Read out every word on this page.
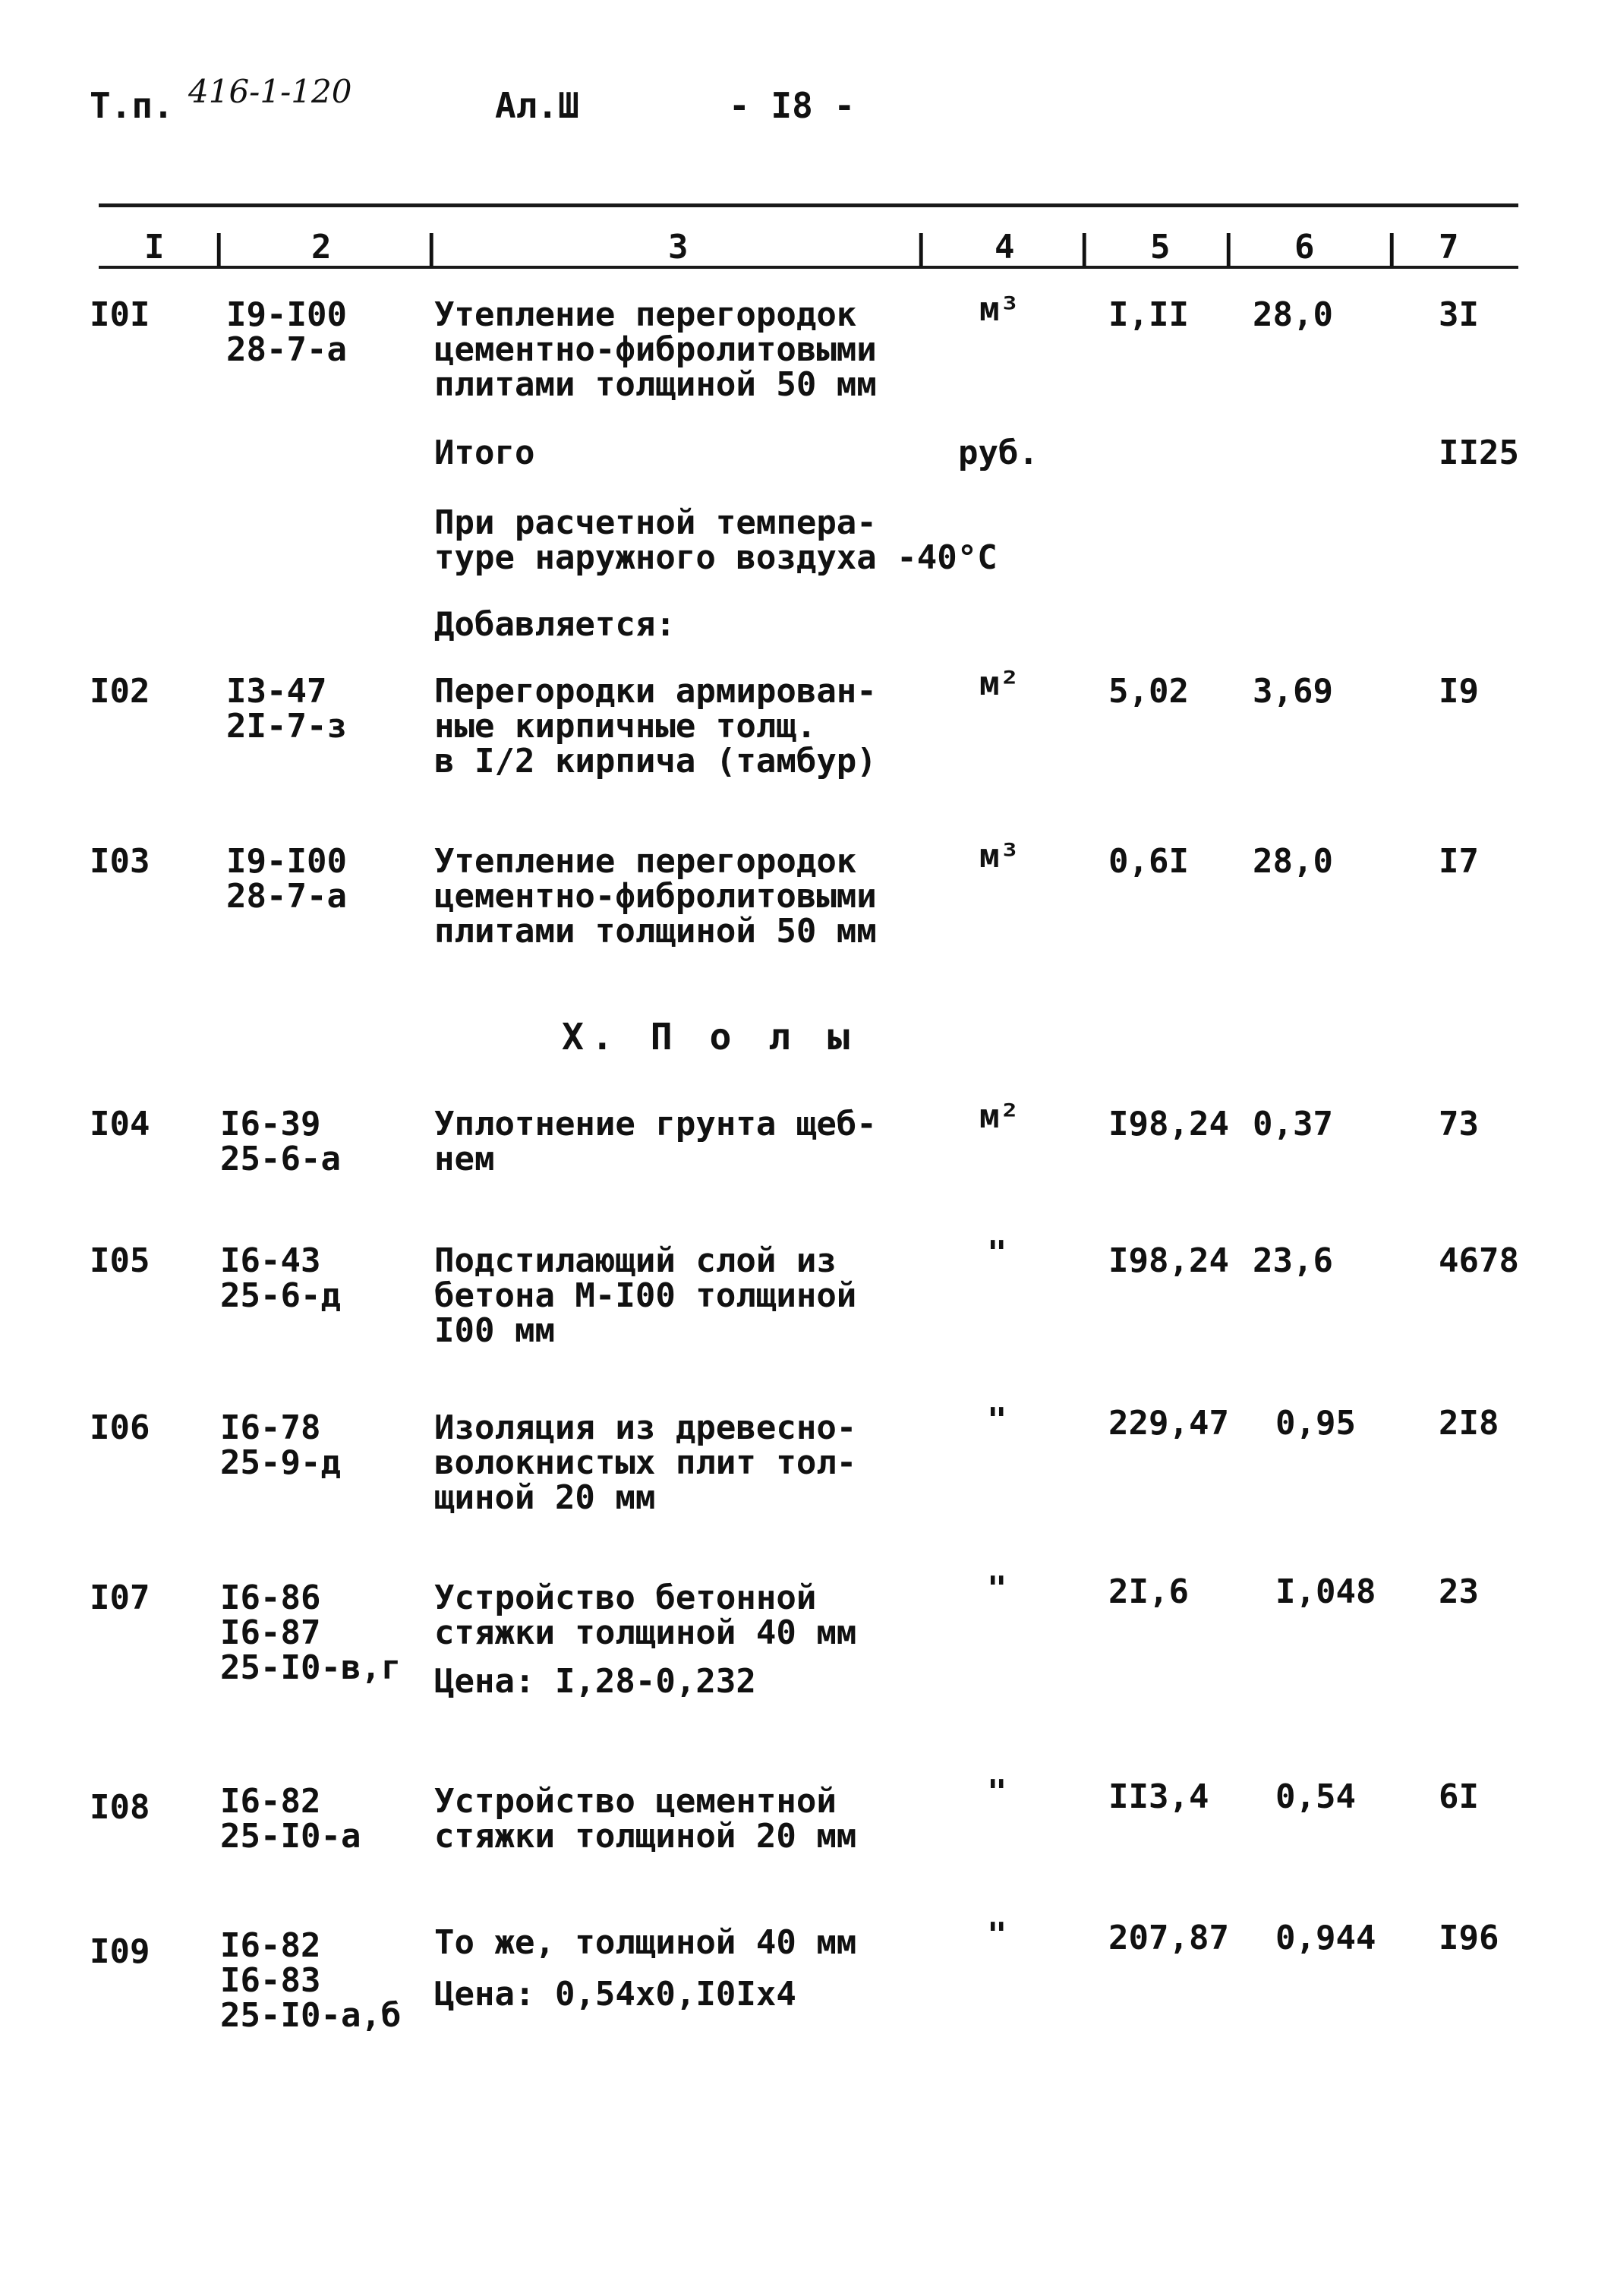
Т.п. 416-1-120	Ал.Ш	- I8 -
I | 2	|	3	| 4 | 5 | 6 | 7
I0I I9-I00
28-7-а
Утепление перегородок
цементно-фибролитовыми
плитами толщиной 50 мм
м³	I,II 28,0	3I
Итого	руб.	II25
При расчетной темпера-
туре наружного воздуха -40°С
Добавляется:
I02 I3-47
2I-7-з
Перегородки армирован-
ные кирпичные толщ.
в I/2 кирпича (тамбур)
м²	5,02 3,69	I9
I03 I9-I00
28-7-а
Утепление перегородок
цементно-фибролитовыми
плитами толщиной 50 мм
м³	0,6I 28,0	I7
Х. П о л ы
I04 I6-39
25-6-а
Уплотнение грунта щеб-
нем
м²	I98,24 0,37	73
I05 I6-43
25-6-д
Подстилающий слой из
бетона М-I00 толщиной
I00 мм
"	I98,24 23,6	4678
I06 I6-78
25-9-д
Изоляция из древесно-
волокнистых плит тол-
щиной 20 мм
"	229,47 0,95 2I8
I07 I6-86
I6-87
25-I0-в,г
Устройство бетонной
стяжки толщиной 40 мм
Цена: I,28-0,232
"	2I,6	I,048 23
I08 I6-82
25-I0-а
Устройство цементной
стяжки толщиной 20 мм
"	II3,4 0,54 6I
I09 I6-82
I6-83
25-I0-а,б
То же, толщиной 40 мм
Цена: 0,54х0,I0Iх4
"	207,87 0,944 I96
